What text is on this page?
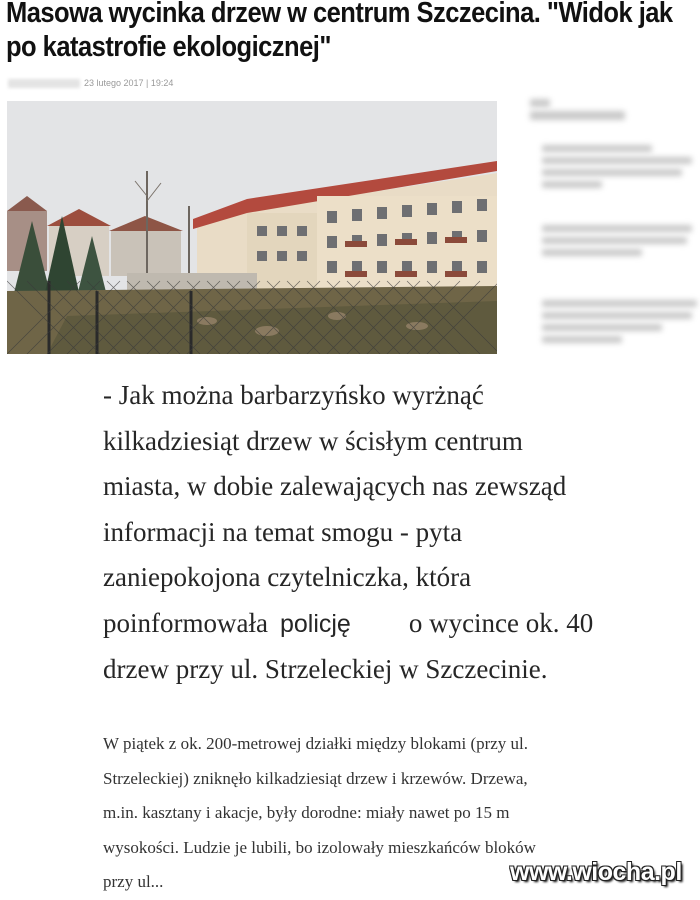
Masowa wycinka drzew w centrum Szczecina. "Widok jak
po katastrofie ekologicznej"
23 lutego 2017 | 19:24

- Jak można barbarzyńsko wyrżnąć

kilkadziesiąt drzew w ścisłym centrum

miasta, w dobie zalewających nas zewsząd

informacji na temat smogu - pyta

zaniepokojona czytelniczka, która

poinformowała policję o wycince ok. 40

drzew przy ul. Strzeleckiej w Szczecinie.

W piątek z ok. 200-metrowej działki między blokami (przy ul.

Strzeleckiej) zniknęło kilkadziesiąt drzew i krzewów. Drzewa,

m.in. kasztany i akacje, były dorodne: miały nawet po 15 m

wysokości. Ludzie je lubili, bo izolowały mieszkańców bloków

przy ul...	www.wiocha.pl
